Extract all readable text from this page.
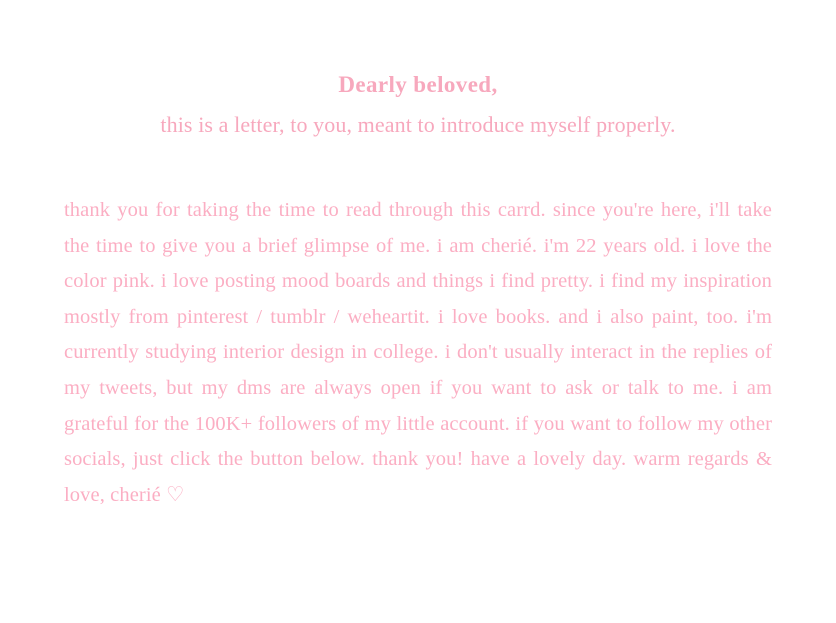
Dearly beloved,

this is a letter, to you, meant to introduce myself properly.

thank you for taking the time to read through this carrd. since you're here, i'll take the time to give you a brief glimpse of me. i am cherié. i'm 22 years old. i love the color pink. i love posting mood boards and things i find pretty. i find my inspiration mostly from pinterest / tumblr / weheartit. i love books. and i also paint, too. i'm currently studying interior design in college. i don't usually interact in the replies of my tweets, but my dms are always open if you want to ask or talk to me. i am grateful for the 100K+ followers of my little account. if you want to follow my other socials, just click the button below. thank you! have a lovely day. warm regards & love, cherié ♡
